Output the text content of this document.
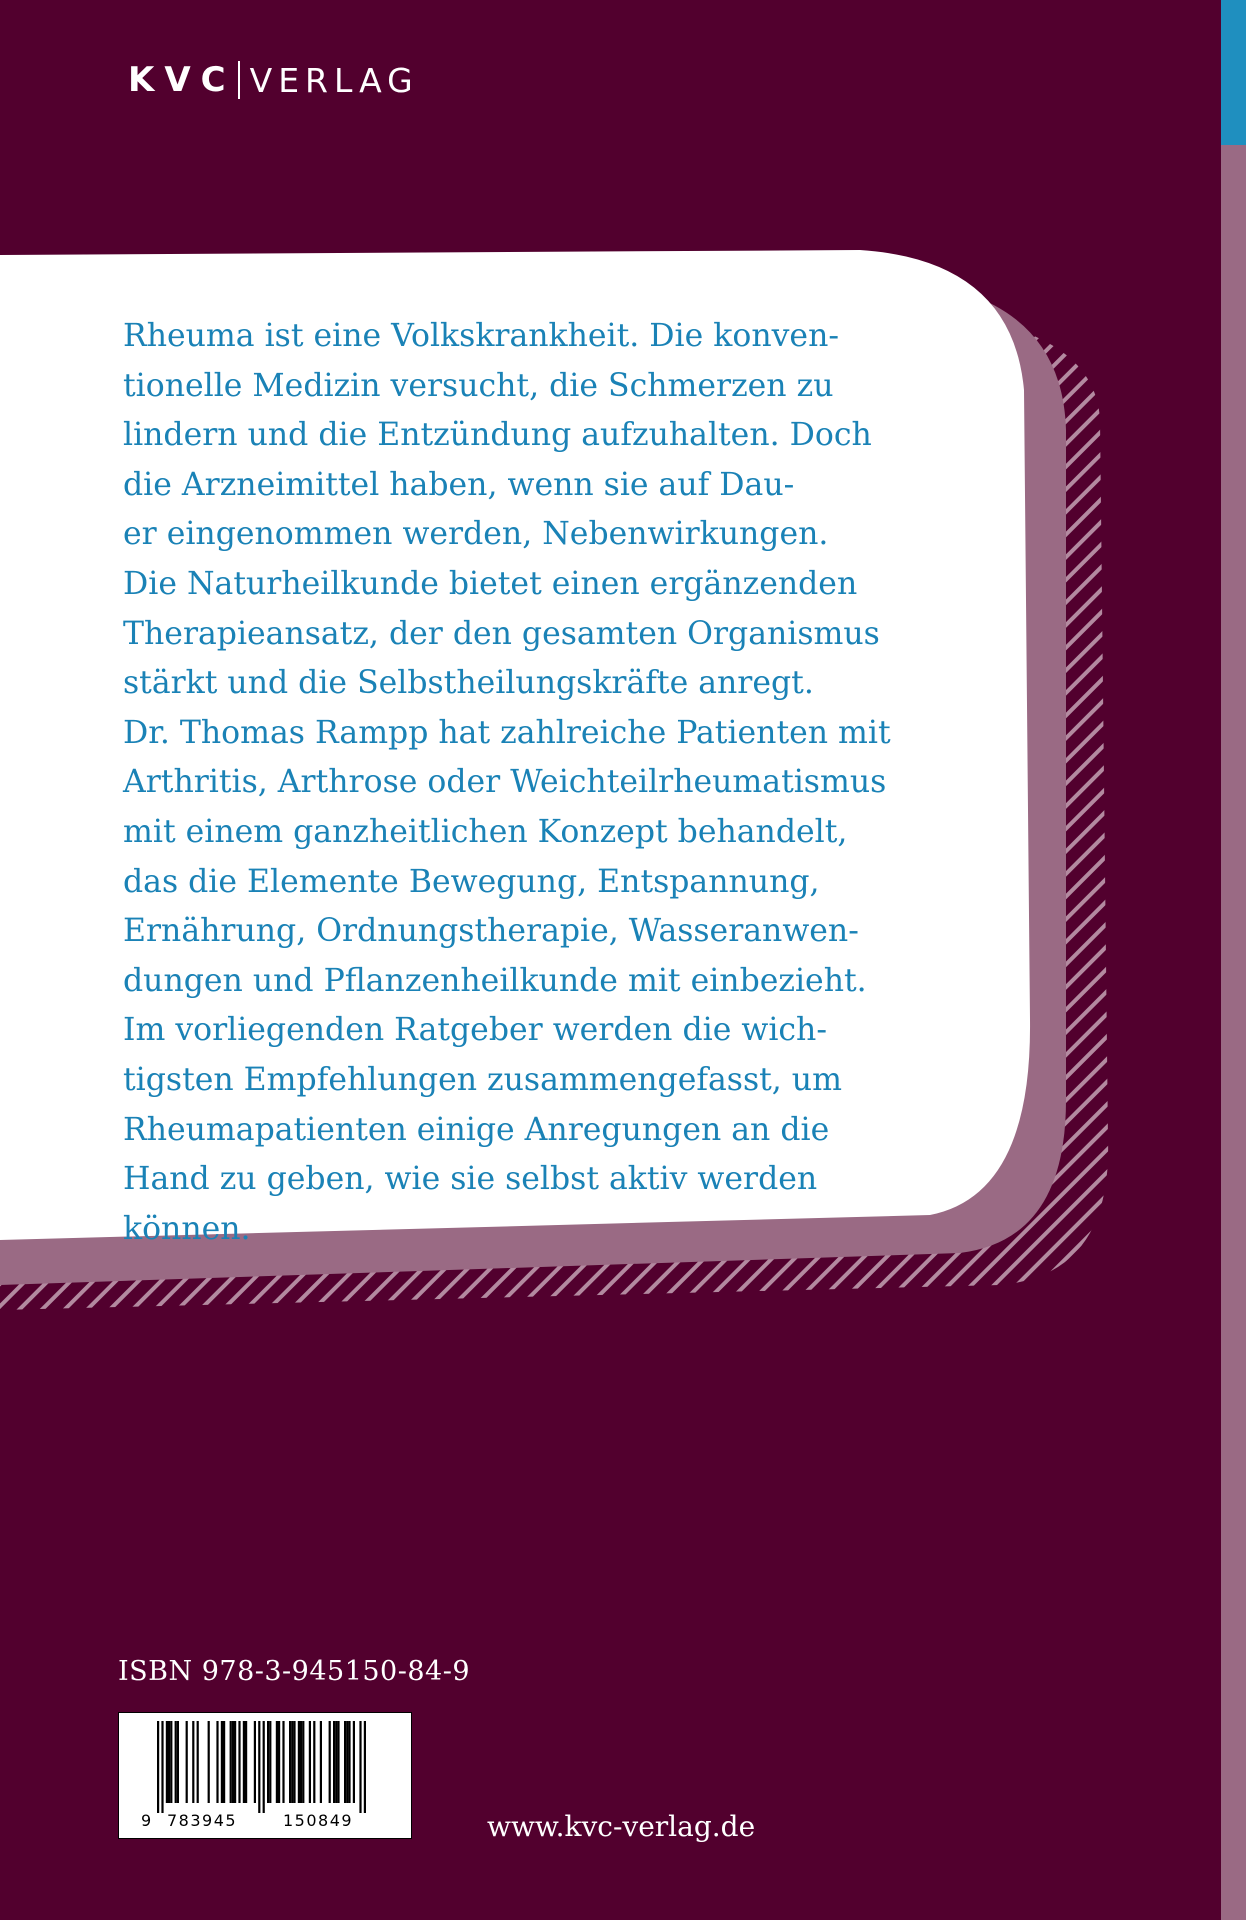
KVC VERLAG
Rheuma ist eine Volkskrankheit. Die konven-
tionelle Medizin versucht, die Schmerzen zu
lindern und die Entzündung aufzuhalten. Doch
die Arzneimittel haben, wenn sie auf Dau-
er eingenommen werden, Nebenwirkungen.
Die Naturheilkunde bietet einen ergänzenden
Therapieansatz, der den gesamten Organismus
stärkt und die Selbstheilungskräfte anregt.
Dr. Thomas Rampp hat zahlreiche Patienten mit
Arthritis, Arthrose oder Weichteilrheumatismus
mit einem ganzheitlichen Konzept behandelt,
das die Elemente Bewegung, Entspannung,
Ernährung, Ordnungstherapie, Wasseranwen-
dungen und Pflanzenheilkunde mit einbezieht.
Im vorliegenden Ratgeber werden die wich-
tigsten Empfehlungen zusammengefasst, um
Rheumapatienten einige Anregungen an die
Hand zu geben, wie sie selbst aktiv werden
können.
ISBN 978-3-945150-84-9
9 783945	150849	www.kvc-verlag.de
